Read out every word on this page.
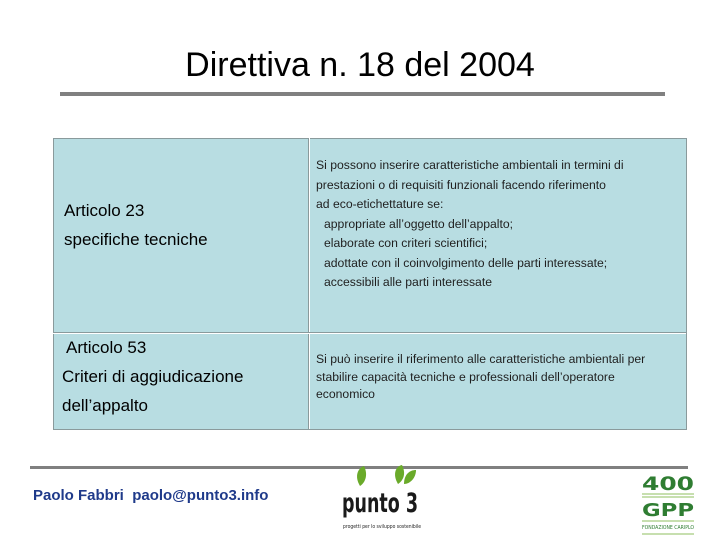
Direttiva n. 18 del 2004
Articolo 23
specifiche tecniche
Si possono inserire caratteristiche ambientali in termini di
prestazioni o di requisiti funzionali facendo riferimento
ad eco-etichettature se:
appropriate all’oggetto dell’appalto;
elaborate con criteri scientifici;
adottate con il coinvolgimento delle parti interessate;
accessibili alle parti interessate
Articolo 53
Criteri di aggiudicazione
dell’appalto
Si può inserire il riferimento alle caratteristiche ambientali per
stabilire capacità tecniche e professionali dell’operatore
economico
Paolo Fabbri paolo@punto3.info	punto 3
progetti per lo sviluppo sostenibile
400
GPP
FONDAZIONE CARIPLO
